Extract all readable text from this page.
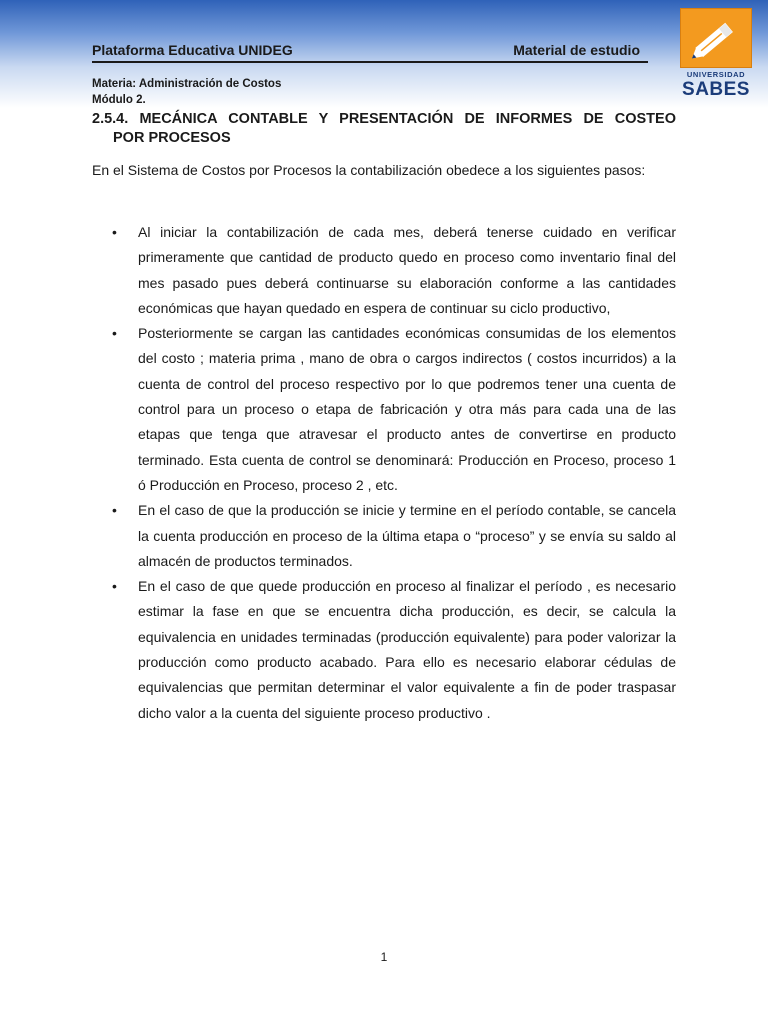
Plataforma Educativa UNIDEG	Material de estudio
UNIVERSIDAD
SABES
Materia: Administración de Costos
Módulo 2.
2.5.4. MECÁNICA CONTABLE Y PRESENTACIÓN DE INFORMES DE COSTEO
POR PROCESOS
En el Sistema de Costos por Procesos la contabilización obedece a los siguientes pasos:
• Al iniciar la contabilización de cada mes, deberá tenerse cuidado en verificar primeramente que cantidad de producto quedo en proceso como inventario final del mes pasado pues deberá continuarse su elaboración conforme a las cantidades económicas que hayan quedado en espera de continuar su ciclo productivo,
• Posteriormente se cargan las cantidades económicas consumidas de los elementos del costo ; materia prima , mano de obra o cargos indirectos ( costos incurridos) a la cuenta de control del proceso respectivo por lo que podremos tener una cuenta de control para un proceso o etapa de fabricación y otra más para cada una de las etapas que tenga que atravesar el producto antes de convertirse en producto terminado. Esta cuenta de control se denominará: Producción en Proceso, proceso 1 ó Producción en Proceso, proceso 2 , etc.
• En el caso de que la producción se inicie y termine en el período contable, se cancela la cuenta producción en proceso de la última etapa o “proceso” y se envía su saldo al almacén de productos terminados.
• En el caso de que quede producción en proceso al finalizar el período , es necesario estimar la fase en que se encuentra dicha producción, es decir, se calcula la equivalencia en unidades terminadas (producción equivalente) para poder valorizar la producción como producto acabado. Para ello es necesario elaborar cédulas de equivalencias que permitan determinar el valor equivalente a fin de poder traspasar dicho valor a la cuenta del siguiente proceso productivo .
1
